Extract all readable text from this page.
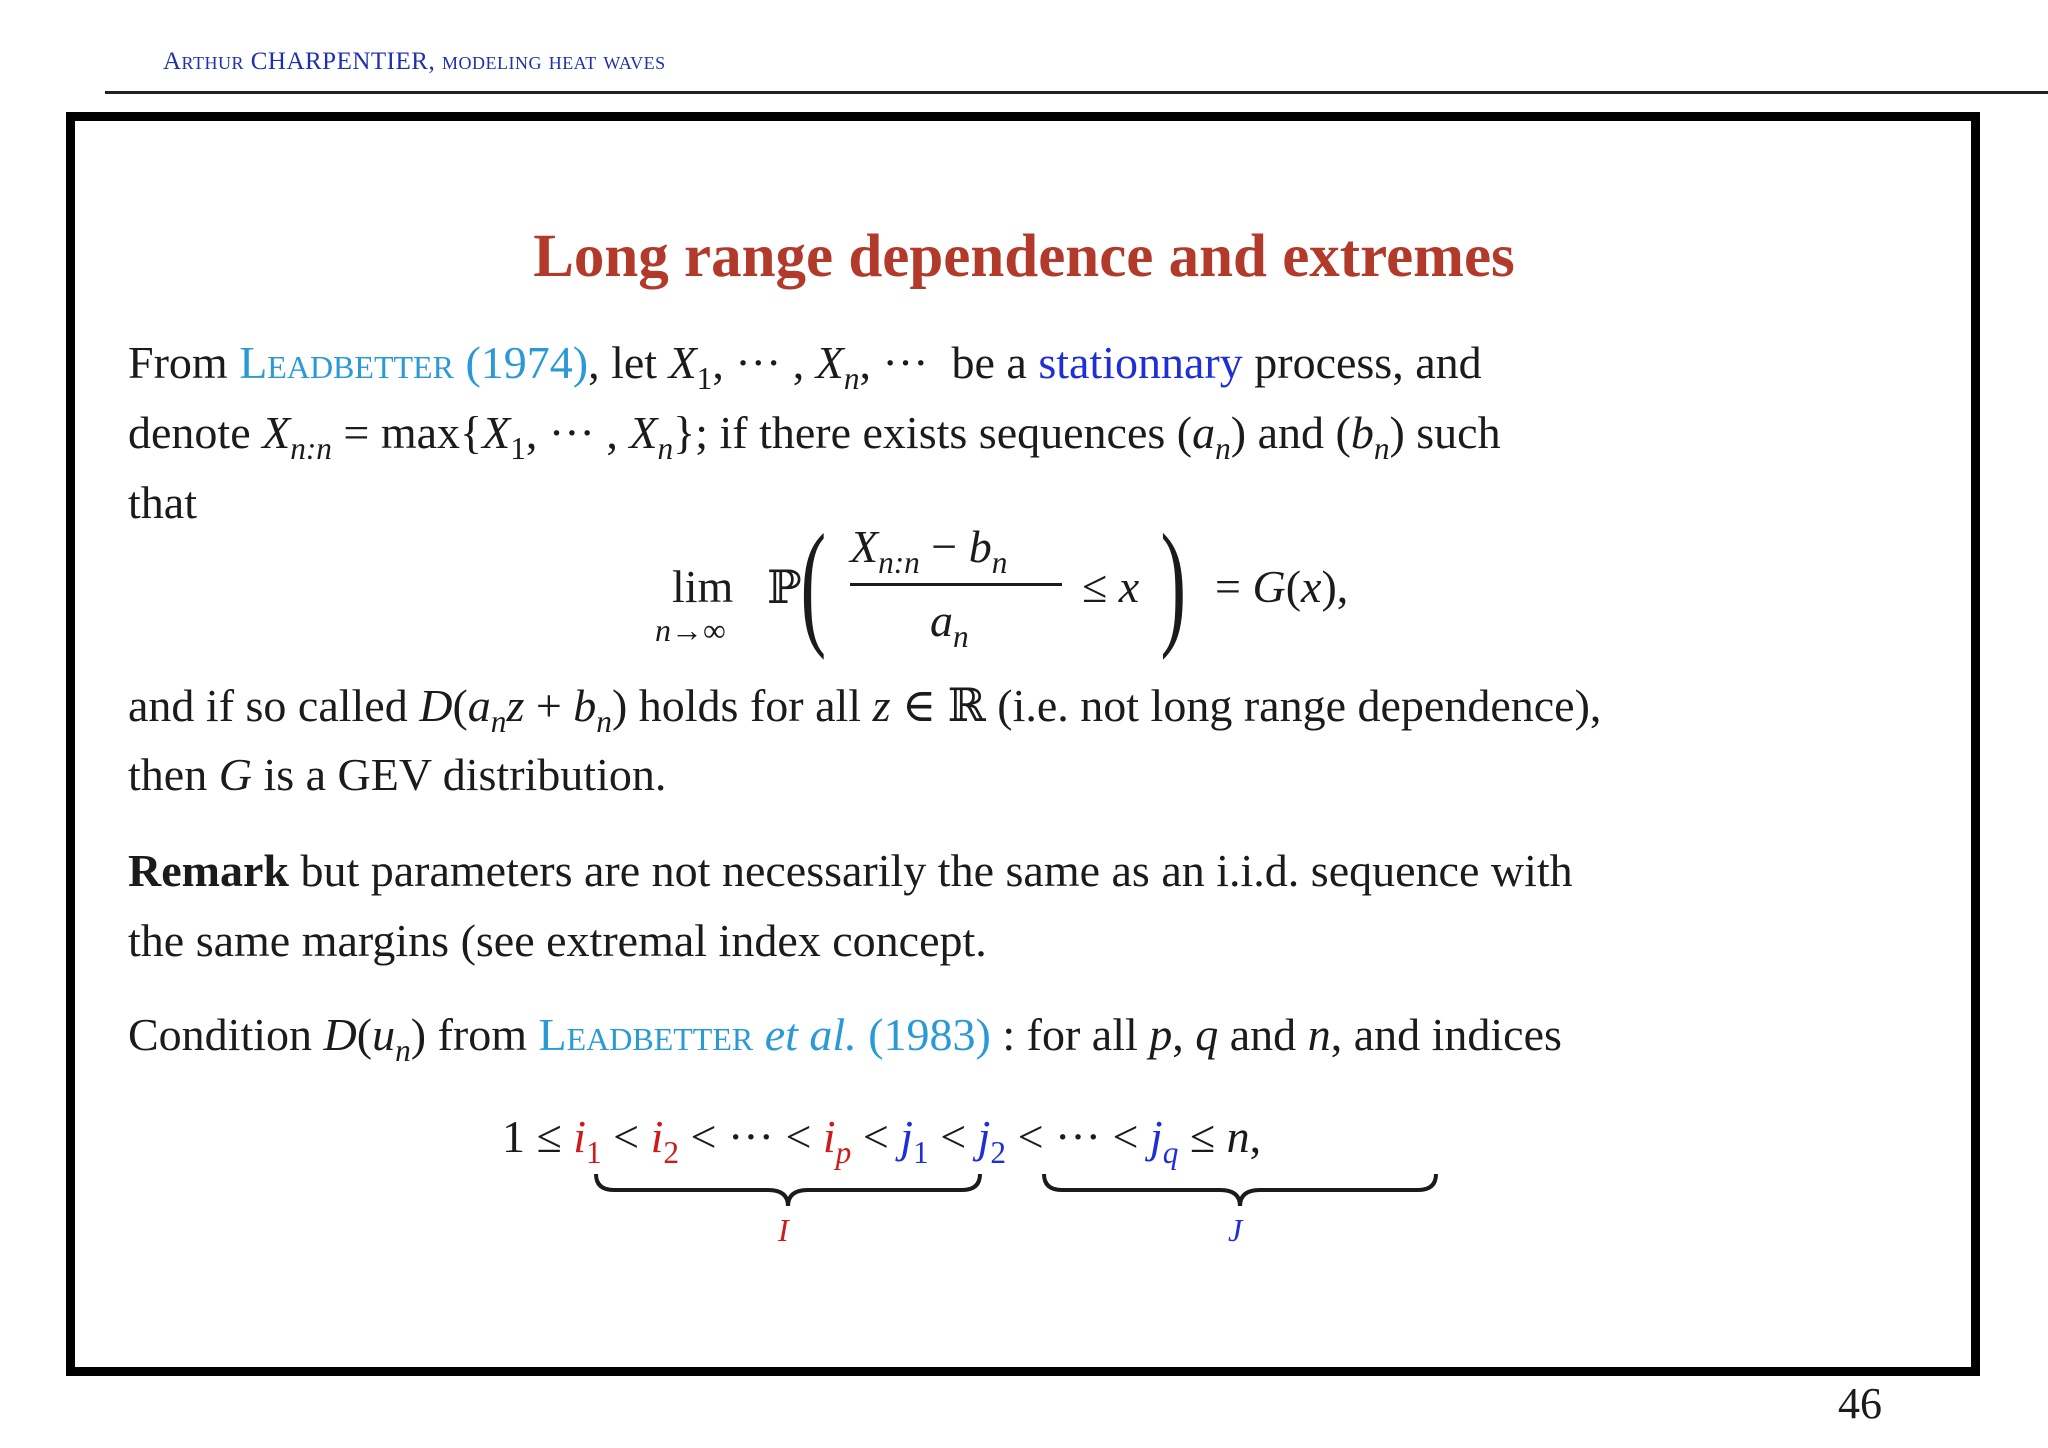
Arthur CHARPENTIER, modeling heat waves
Long range dependence and extremes
From Leadbetter (1974), let $X_1$, ··· , $X_n$, ··· be a stationnary process, and
denote $X_{n:n} = \max\{X_1$, ··· , $X_n$}; if there exists sequences $(a_n)$ and $(b_n)$ such
that
lim
n→∞
ℙ
( $X_{n:n} - b_n$
$a_n$
≤ x ) = G(x),
and if so called $D(a_nz + b_n)$ holds for all z ∈ ℝ (i.e. not long range dependence),
then G is a GEV distribution.
Remark but parameters are not necessarily the same as an i.i.d. sequence with
the same margins (see extremal index concept.
Condition $D(u_n)$ from Leadbetter et al. (1983) : for all p, q and n, and indices
$1 \le i_1 < i_2$ < ··· < $i_p < j_1 < j_2$ < ··· < $j_q \le n$,
I	J
46
